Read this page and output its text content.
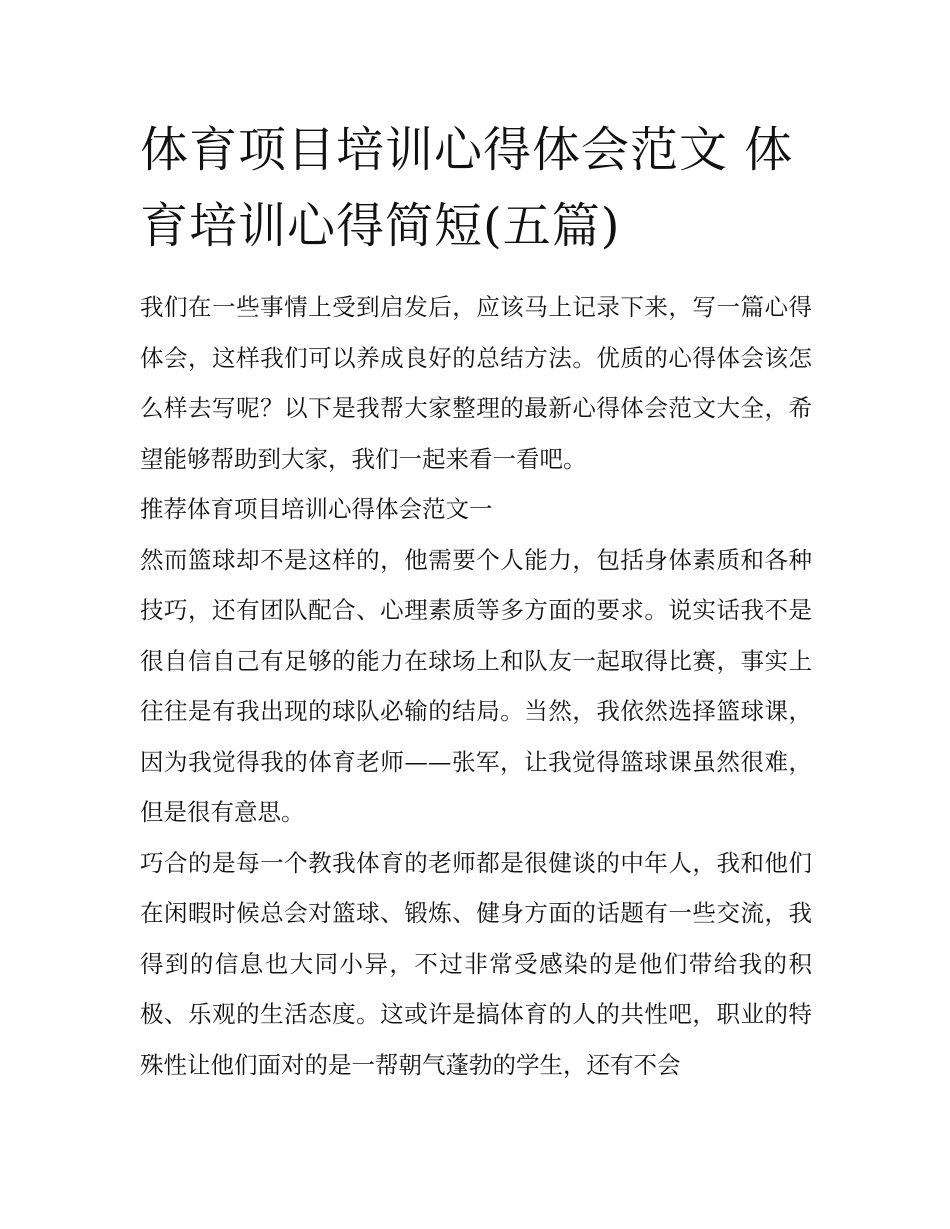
体育项目培训心得体会范文 体育培训心得简短(五篇)

我们在一些事情上受到启发后，应该马上记录下来，写一篇心得体会，这样我们可以养成良好的总结方法。优质的心得体会该怎么样去写呢？以下是我帮大家整理的最新心得体会范文大全，希望能够帮助到大家，我们一起来看一看吧。

推荐体育项目培训心得体会范文一

然而篮球却不是这样的，他需要个人能力，包括身体素质和各种技巧，还有团队配合、心理素质等多方面的要求。说实话我不是很自信自己有足够的能力在球场上和队友一起取得比赛，事实上往往是有我出现的球队必输的结局。当然，我依然选择篮球课，因为我觉得我的体育老师——张军，让我觉得篮球课虽然很难，但是很有意思。

巧合的是每一个教我体育的老师都是很健谈的中年人，我和他们在闲暇时候总会对篮球、锻炼、健身方面的话题有一些交流，我得到的信息也大同小异，不过非常受感染的是他们带给我的积极、乐观的生活态度。这或许是搞体育的人的共性吧，职业的特殊性让他们面对的是一帮朝气蓬勃的学生，还有不会
